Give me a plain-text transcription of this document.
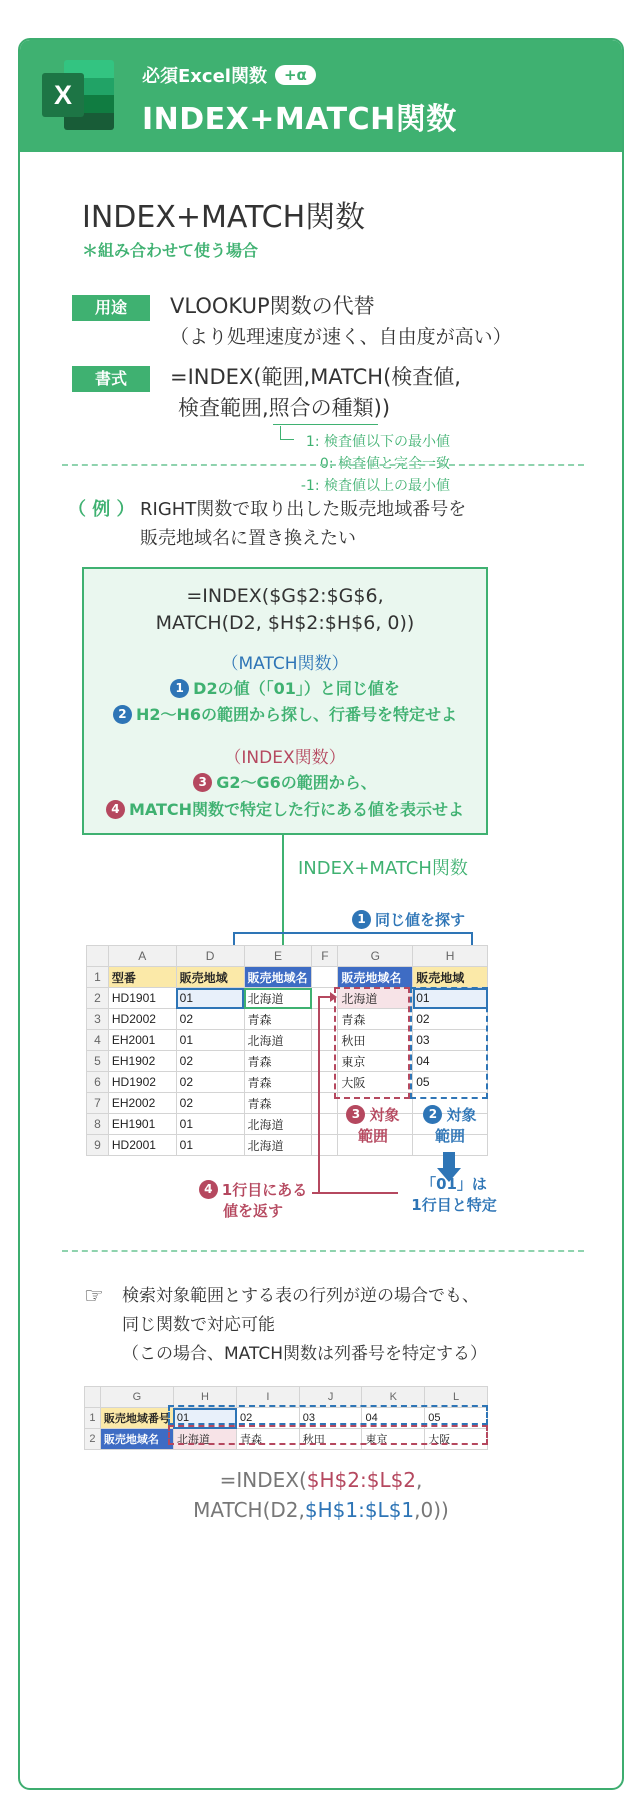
X
必須Excel関数	+α
INDEX+MATCH関数
INDEX+MATCH関数
＊組み合わせて使う場合
用途	VLOOKUP関数の代替
（より処理速度が速く、自由度が高い）
書式	=INDEX(範囲,MATCH(検査値,
検査範囲,照合の種類))
1: 検査値以下の最小値
0: 検査値と完全一致
-1: 検査値以上の最小値
（ 例 ） RIGHT関数で取り出した販売地域番号を
販売地域名に置き換えたい
=INDEX($G$2:$G$6,
MATCH(D2, $H$2:$H$6, 0))
（MATCH関数）
1 D2の値（「01」）と同じ値を
2 H2〜H6の範囲から探し、行番号を特定せよ
（INDEX関数）
3 G2〜G6の範囲から、
4 MATCH関数で特定した行にある値を表示せよ
INDEX+MATCH関数
1 同じ値を探す
	A	D	E	F	G	H
1	型番	販売地域	販売地域名		販売地域名	販売地域
2	HD1901	01	北海道		北海道	01
3	HD2002	02	青森		青森	02
4	EH2001	01	北海道		秋田	03
5	EH1902	02	青森		東京	04
6	HD1902	02	青森		大阪	05
7	EH2002	02	青森			
8	EH1901	01	北海道			
9	HD2001	01	北海道			
3 対象
範囲
2 対象
範囲
4 1行目にある
値を返す
「01」は
1行目と特定
☞ 検索対象範囲とする表の行列が逆の場合でも、
同じ関数で対応可能
（この場合、MATCH関数は列番号を特定する）
	G	H	I	J	K	L
1	販売地域番号	01	02	03	04	05
2	販売地域名	北海道	青森	秋田	東京	大阪
=INDEX($H$2:$L$2,
MATCH(D2,$H$1:$L$1,0))
